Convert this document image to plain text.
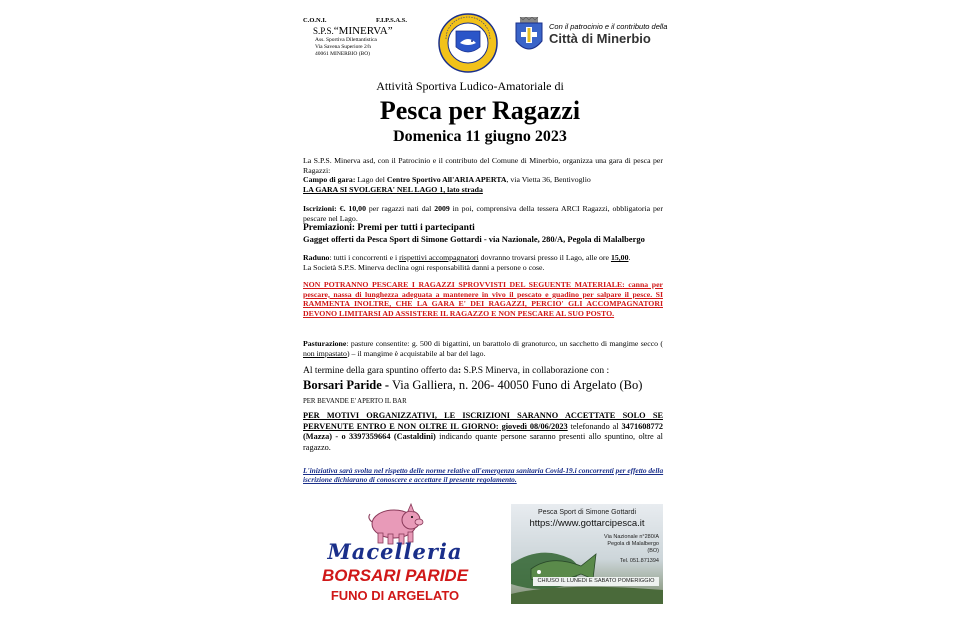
C.O.N.I.	F.I.P.S.A.S.
S.P.S.“MINERVA”
Ass. Sportiva Dilettantistica
Via Savena Superiore 2/h
40061 MINERBIO (BO)
Con il patrocinio e il contributo della
Città di Minerbio
Attività Sportiva Ludico-Amatoriale di
Pesca per Ragazzi
Domenica 11 giugno 2023
La S.P.S. Minerva asd, con il Patrocinio e il contributo del Comune di Minerbio, organizza una gara di pesca per Ragazzi:
Campo di gara: Lago del Centro Sportivo All'ARIA APERTA, via Vietta 36, Bentivoglio
LA GARA SI SVOLGERA' NEL LAGO 1, lato strada
Iscrizioni: €. 10,00 per ragazzi nati dal 2009 in poi, comprensiva della tessera ARCI Ragazzi, obbligatoria per pescare nel Lago.
Premiazioni: Premi per tutti i partecipanti
Gagget offerti da Pesca Sport di Simone Gottardi - via Nazionale, 280/A, Pegola di Malalbergo
Raduno: tutti i concorrenti e i rispettivi accompagnatori dovranno trovarsi presso il Lago, alle ore 15,00.
La Società S.P.S. Minerva declina ogni responsabilità danni a persone o cose.
NON POTRANNO PESCARE I RAGAZZI SPROVVISTI DEL SEGUENTE MATERIALE: canna per pescare, nassa di lunghezza adeguata a mantenere in vivo il pescato e guadino per salpare il pesce. SI RAMMENTA INOLTRE, CHE LA GARA E' DEI RAGAZZI, PERCIO' GLI ACCOMPAGNATORI DEVONO LIMITARSI AD ASSISTERE IL RAGAZZO E NON PESCARE AL SUO POSTO.
Pasturazione: pasture consentite: g. 500 di bigattini, un barattolo di granoturco, un sacchetto di mangime secco ( non impastato) – il mangime è acquistabile al bar del lago.
Al termine della gara spuntino offerto da: S.P.S Minerva, in collaborazione con :
Borsari Paride - Via Galliera, n. 206- 40050 Funo di Argelato (Bo)
PER BEVANDE E' APERTO IL BAR
PER MOTIVI ORGANIZZATIVI, LE ISCRIZIONI SARANNO ACCETTATE SOLO SE PERVENUTE ENTRO E NON OLTRE IL GIORNO: giovedì 08/06/2023 telefonando al 3471608772 (Mazza) - o 3397359664 (Castaldini) indicando quante persone saranno presenti allo spuntino, oltre al ragazzo.
L'iniziativa sarà svolta nel rispetto delle norme relative all'emergenza sanitaria Covid-19.i concorrenti per effetto della iscrizione dichiarano di conoscere e accettare il presente regolamento.
Macelleria
BORSARI PARIDE
FUNO DI ARGELATO
Pesca Sport di Simone Gottardi
https://www.gottarcipesca.it
Via Nazionale n°280/A
Pegola di Malalbergo
(BO)
Tel. 051.871394
CHIUSO IL LUNEDì E SABATO POMERIGGIO
